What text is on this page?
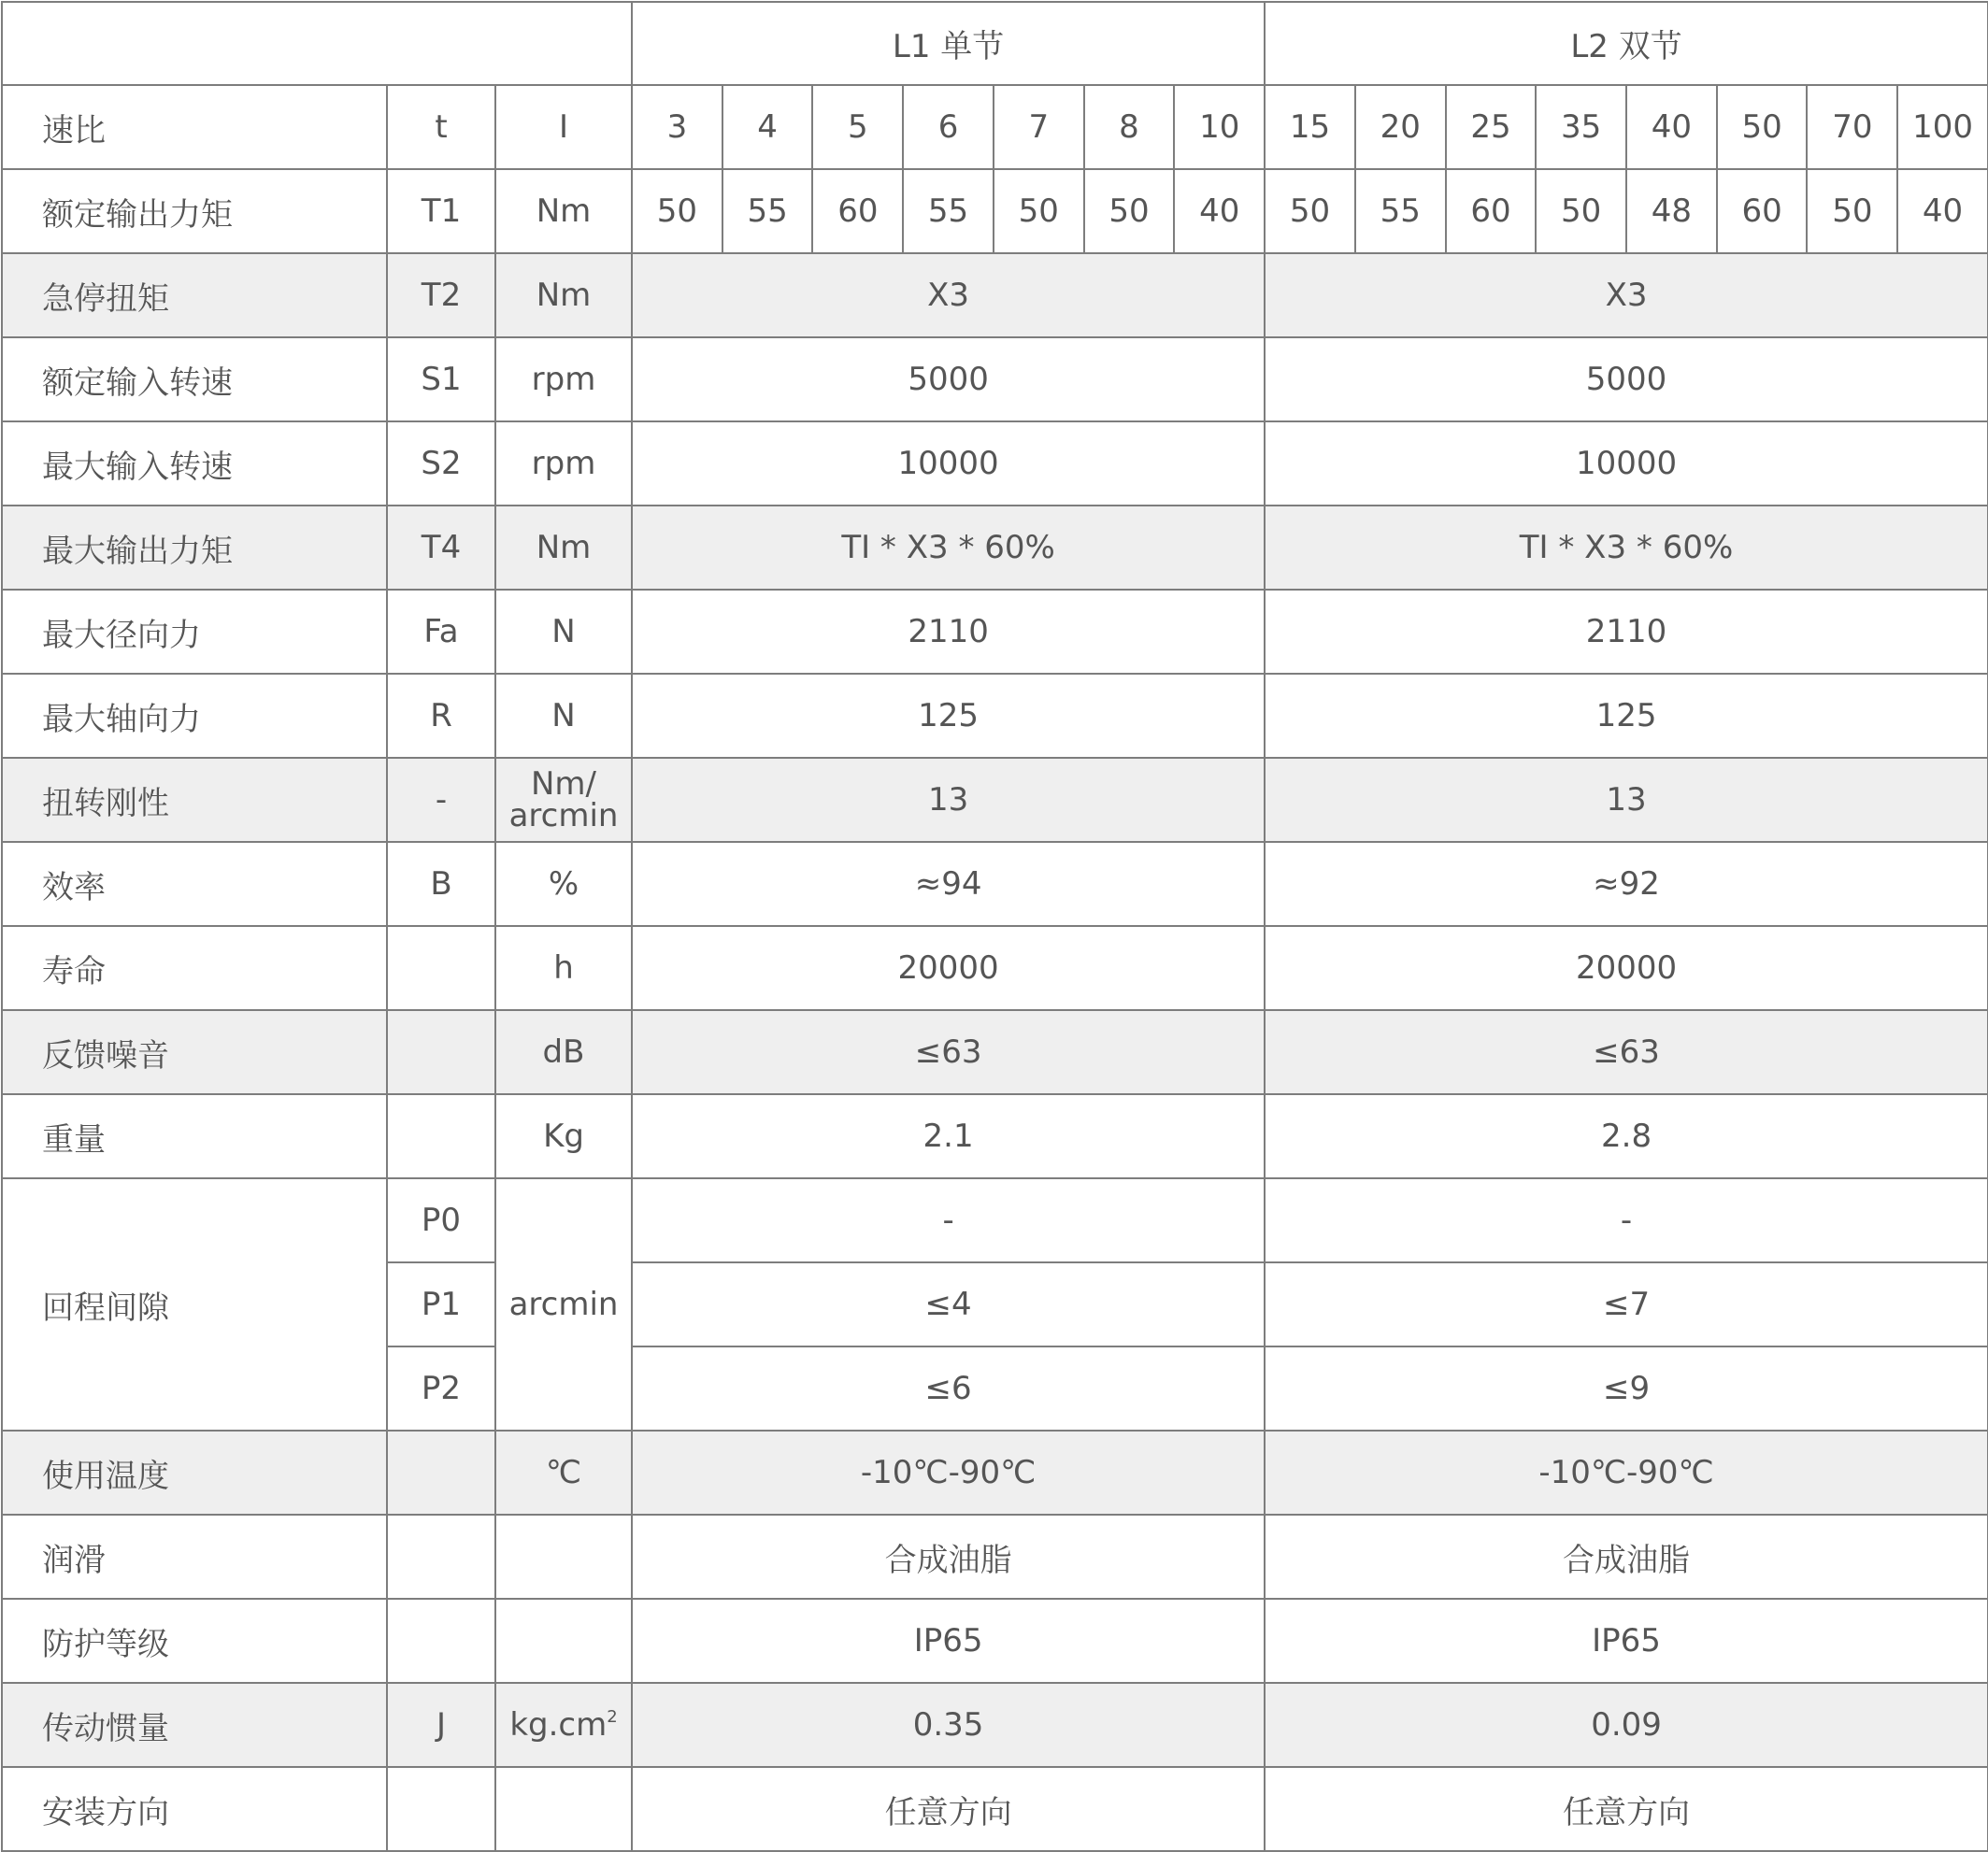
			L1 单节							L2 双节							
速比	t	I	3	4	5	6	7	8	10	15	20	25	35	40	50	70	100
额定输出力矩	T1	Nm	50	55	60	55	50	50	40	50	55	60	50	48	60	50	40
急停扭矩	T2	Nm	X3							X3							
额定输入转速	S1	rpm	5000							5000							
最大输入转速	S2	rpm	10000							10000							
最大输出力矩	T4	Nm	TI * X3 * 60%							TI * X3 * 60%							
最大径向力	Fa	N	2110							2110							
最大轴向力	R	N	125							125							
扭转刚性	-	Nm/ arcmin	13							13							
效率	B	%	≈94							≈92							
寿命		h	20000							20000							
反馈噪音		dB	≤63							≤63							
重量		Kg	2.1							2.8							
回程间隙	P0	arcmin	-							-							
	P1		≤4							≤7							
	P2		≤6							≤9							
使用温度		℃	-10℃-90℃							-10℃-90℃							
润滑			合成油脂							合成油脂							
防护等级			IP65							IP65							
传动惯量	J	$kg.cm^2$	0.35							0.09							
安装方向			任意方向							任意方向							
